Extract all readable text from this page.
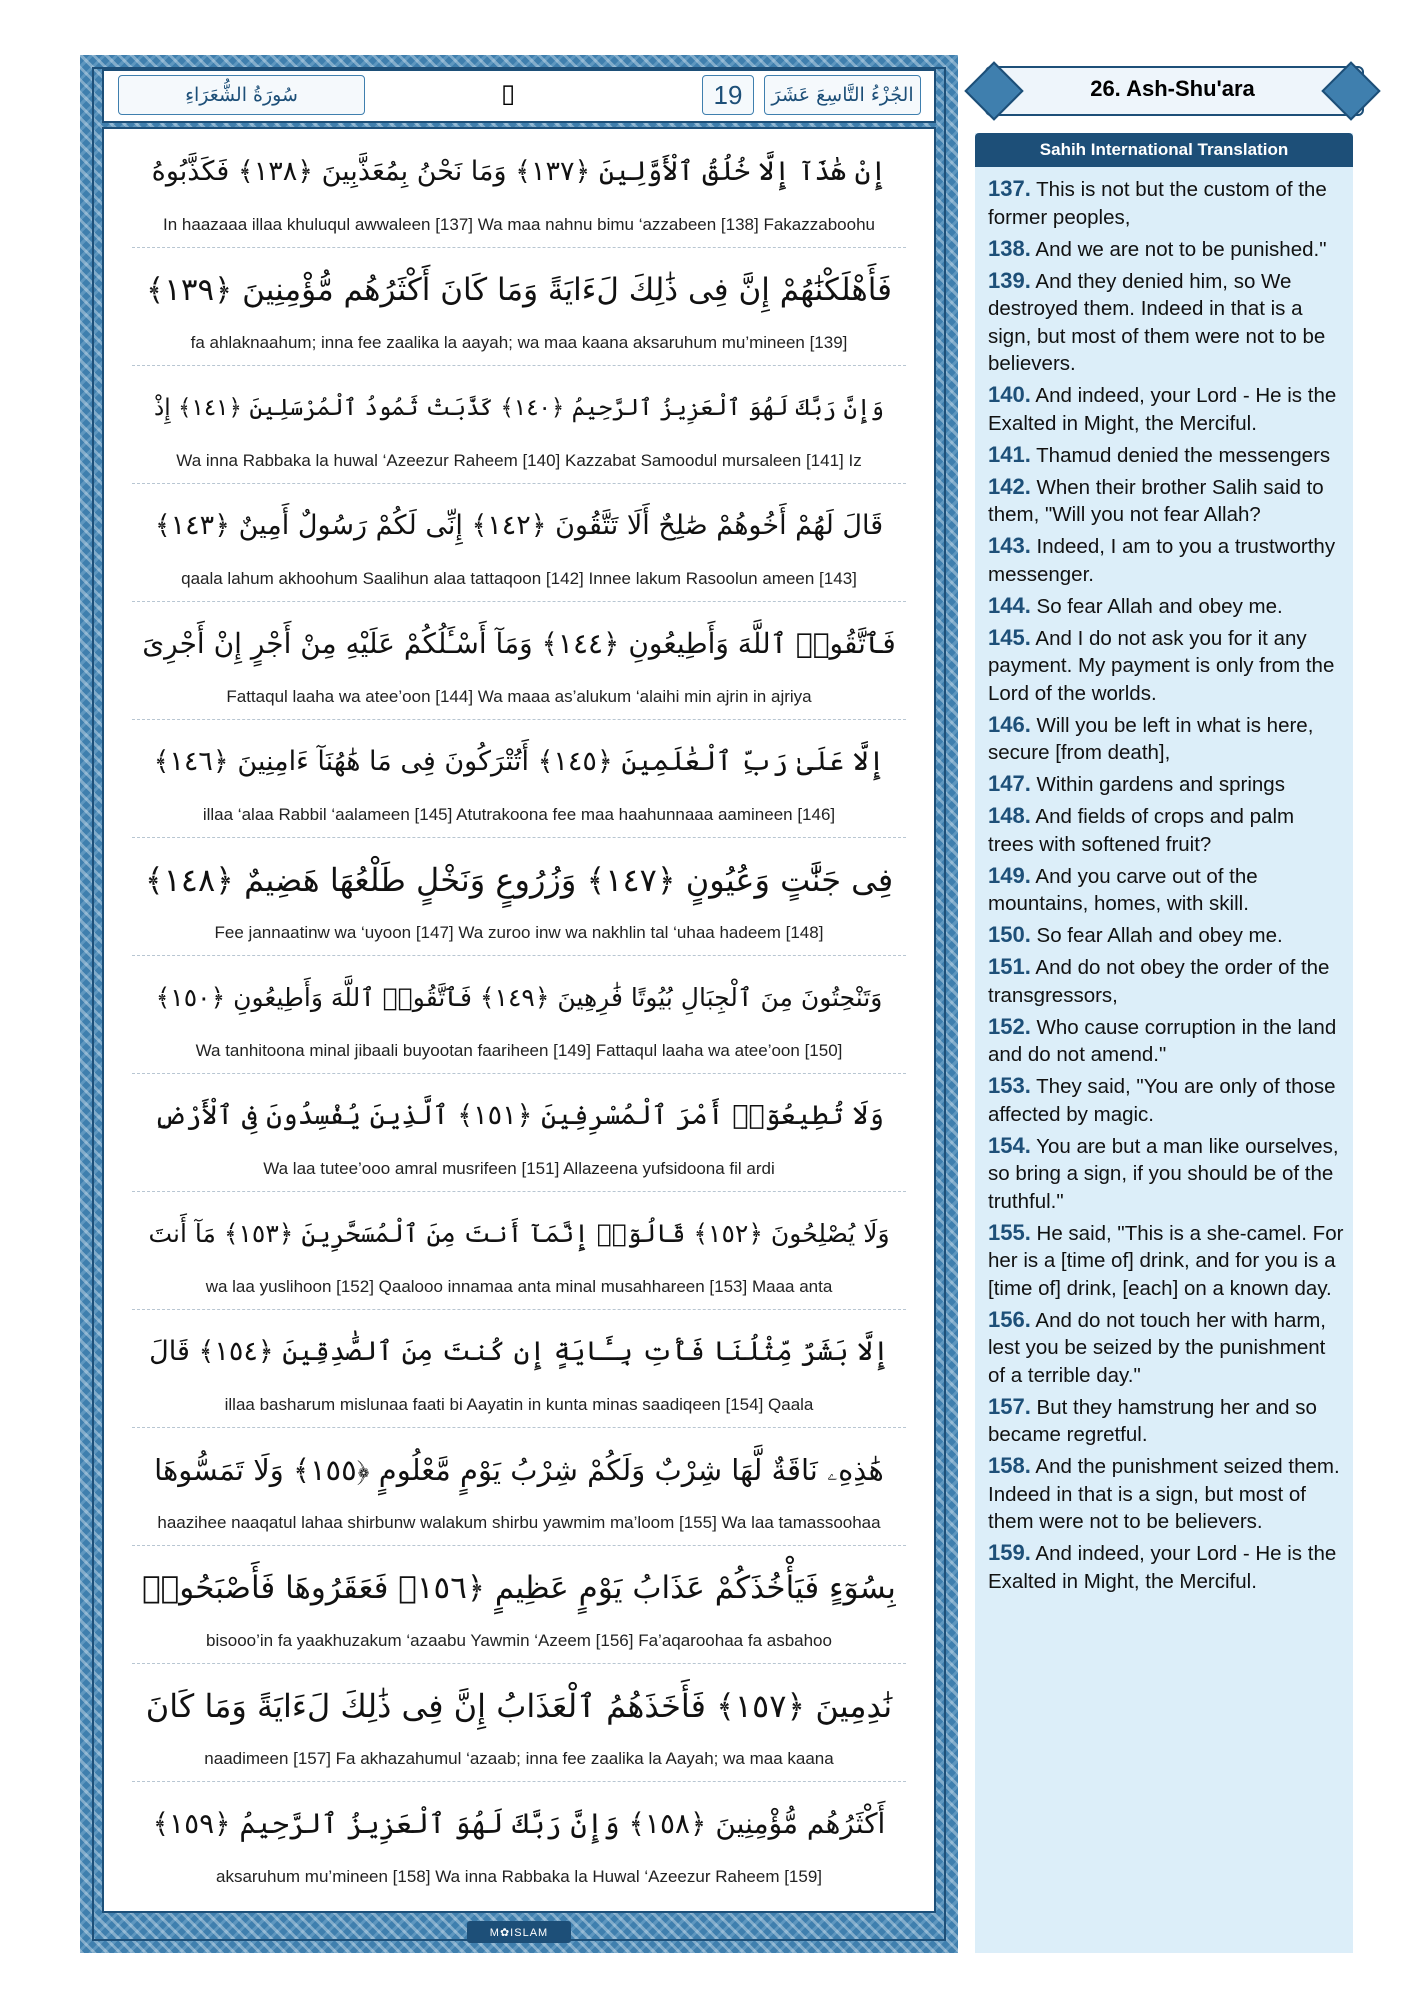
سُورَةُ الشُّعَرَاءِ	▯	19	الجُزْءُ التَّاسِعَ عَشَرَ
إِنْ هَٰذَآ إِلَّا خُلُقُ ٱلْأَوَّلِينَ ﴿١٣٧﴾ وَمَا نَحْنُ بِمُعَذَّبِينَ ﴿١٣٨﴾ فَكَذَّبُوهُ
In haazaaa illaa khuluqul awwaleen [137] Wa maa nahnu bimu ‘azzabeen [138] Fakazzaboohu
فَأَهْلَكْنَٰهُمْ إِنَّ فِى ذَٰلِكَ لَءَايَةً وَمَا كَانَ أَكْثَرُهُم مُّؤْمِنِينَ ﴿١٣٩﴾
fa ahlaknaahum; inna fee zaalika la aayah; wa maa kaana aksaruhum mu’mineen [139]
وَإِنَّ رَبَّكَ لَهُوَ ٱلْعَزِيزُ ٱلرَّحِيمُ ﴿١٤٠﴾ كَذَّبَتْ ثَمُودُ ٱلْمُرْسَلِينَ ﴿١٤١﴾ إِذْ
Wa inna Rabbaka la huwal ‘Azeezur Raheem [140] Kazzabat Samoodul mursaleen [141] Iz
قَالَ لَهُمْ أَخُوهُمْ صَٰلِحٌ أَلَا تَتَّقُونَ ﴿١٤٢﴾ إِنِّى لَكُمْ رَسُولٌ أَمِينٌ ﴿١٤٣﴾
qaala lahum akhoohum Saalihun alaa tattaqoon [142] Innee lakum Rasoolun ameen [143]
فَٱتَّقُوا۟ ٱللَّهَ وَأَطِيعُونِ ﴿١٤٤﴾ وَمَآ أَسْـَٔلُكُمْ عَلَيْهِ مِنْ أَجْرٍ إِنْ أَجْرِىَ
Fattaqul laaha wa atee’oon [144] Wa maaa as’alukum ‘alaihi min ajrin in ajriya
إِلَّا عَلَىٰ رَبِّ ٱلْعَٰلَمِينَ ﴿١٤٥﴾ أَتُتْرَكُونَ فِى مَا هَٰهُنَآ ءَامِنِينَ ﴿١٤٦﴾
illaa ‘alaa Rabbil ‘aalameen [145] Atutrakoona fee maa haahunnaaa aamineen [146]
فِى جَنَّٰتٍ وَعُيُونٍ ﴿١٤٧﴾ وَزُرُوعٍ وَنَخْلٍ طَلْعُهَا هَضِيمٌ ﴿١٤٨﴾
Fee jannaatinw wa ‘uyoon [147] Wa zuroo inw wa nakhlin tal ‘uhaa hadeem [148]
وَتَنْحِتُونَ مِنَ ٱلْجِبَالِ بُيُوتًا فَٰرِهِينَ ﴿١٤٩﴾ فَٱتَّقُوا۟ ٱللَّهَ وَأَطِيعُونِ ﴿١٥٠﴾
Wa tanhitoona minal jibaali buyootan faariheen [149] Fattaqul laaha wa atee’oon [150]
وَلَا تُطِيعُوٓا۟ أَمْرَ ٱلْمُسْرِفِينَ ﴿١٥١﴾ ٱلَّذِينَ يُفْسِدُونَ فِى ٱلْأَرْضِ
Wa laa tutee’ooo amral musrifeen [151] Allazeena yufsidoona fil ardi
وَلَا يُصْلِحُونَ ﴿١٥٢﴾ قَالُوٓا۟ إِنَّمَآ أَنتَ مِنَ ٱلْمُسَحَّرِينَ ﴿١٥٣﴾ مَآ أَنتَ
wa laa yuslihoon [152] Qaalooo innamaa anta minal musahhareen [153] Maaa anta
إِلَّا بَشَرٌ مِّثْلُنَا فَأْتِ بِـَٔايَةٍ إِن كُنتَ مِنَ ٱلصَّٰدِقِينَ ﴿١٥٤﴾ قَالَ
illaa basharum mislunaa faati bi Aayatin in kunta minas saadiqeen [154] Qaala
هَٰذِهِۦ نَاقَةٌ لَّهَا شِرْبٌ وَلَكُمْ شِرْبُ يَوْمٍ مَّعْلُومٍ ﴿١٥٥﴾ وَلَا تَمَسُّوهَا
haazihee naaqatul lahaa shirbunw walakum shirbu yawmim ma’loom [155] Wa laa tamassoohaa
بِسُوٓءٍ فَيَأْخُذَكُمْ عَذَابُ يَوْمٍ عَظِيمٍ ﴿١٥٦﴾ فَعَقَرُوهَا فَأَصْبَحُوا۟
bisooo’in fa yaakhuzakum ‘azaabu Yawmin ‘Azeem [156] Fa’aqaroohaa fa asbahoo
نَٰدِمِينَ ﴿١٥٧﴾ فَأَخَذَهُمُ ٱلْعَذَابُ إِنَّ فِى ذَٰلِكَ لَءَايَةً وَمَا كَانَ
naadimeen [157] Fa akhazahumul ‘azaab; inna fee zaalika la Aayah; wa maa kaana
أَكْثَرُهُم مُّؤْمِنِينَ ﴿١٥٨﴾ وَإِنَّ رَبَّكَ لَهُوَ ٱلْعَزِيزُ ٱلرَّحِيمُ ﴿١٥٩﴾
aksaruhum mu’mineen [158] Wa inna Rabbaka la Huwal ‘Azeezur Raheem [159]
M✿ISLAM
26. Ash-Shu'ara
Sahih International Translation
137. This is not but the custom of the former peoples,
138. And we are not to be punished."
139. And they denied him, so We destroyed them. Indeed in that is a sign, but most of them were not to be believers.
140. And indeed, your Lord - He is the Exalted in Might, the Merciful.
141. Thamud denied the messengers
142. When their brother Salih said to them, "Will you not fear Allah?
143. Indeed, I am to you a trustworthy messenger.
144. So fear Allah and obey me.
145. And I do not ask you for it any payment. My payment is only from the Lord of the worlds.
146. Will you be left in what is here, secure [from death],
147. Within gardens and springs
148. And fields of crops and palm trees with softened fruit?
149. And you carve out of the mountains, homes, with skill.
150. So fear Allah and obey me.
151. And do not obey the order of the transgressors,
152. Who cause corruption in the land and do not amend."
153. They said, "You are only of those affected by magic.
154. You are but a man like ourselves, so bring a sign, if you should be of the truthful."
155. He said, "This is a she-camel. For her is a [time of] drink, and for you is a [time of] drink, [each] on a known day.
156. And do not touch her with harm, lest you be seized by the punishment of a terrible day."
157. But they hamstrung her and so became regretful.
158. And the punishment seized them. Indeed in that is a sign, but most of them were not to be believers.
159. And indeed, your Lord - He is the Exalted in Might, the Merciful.
